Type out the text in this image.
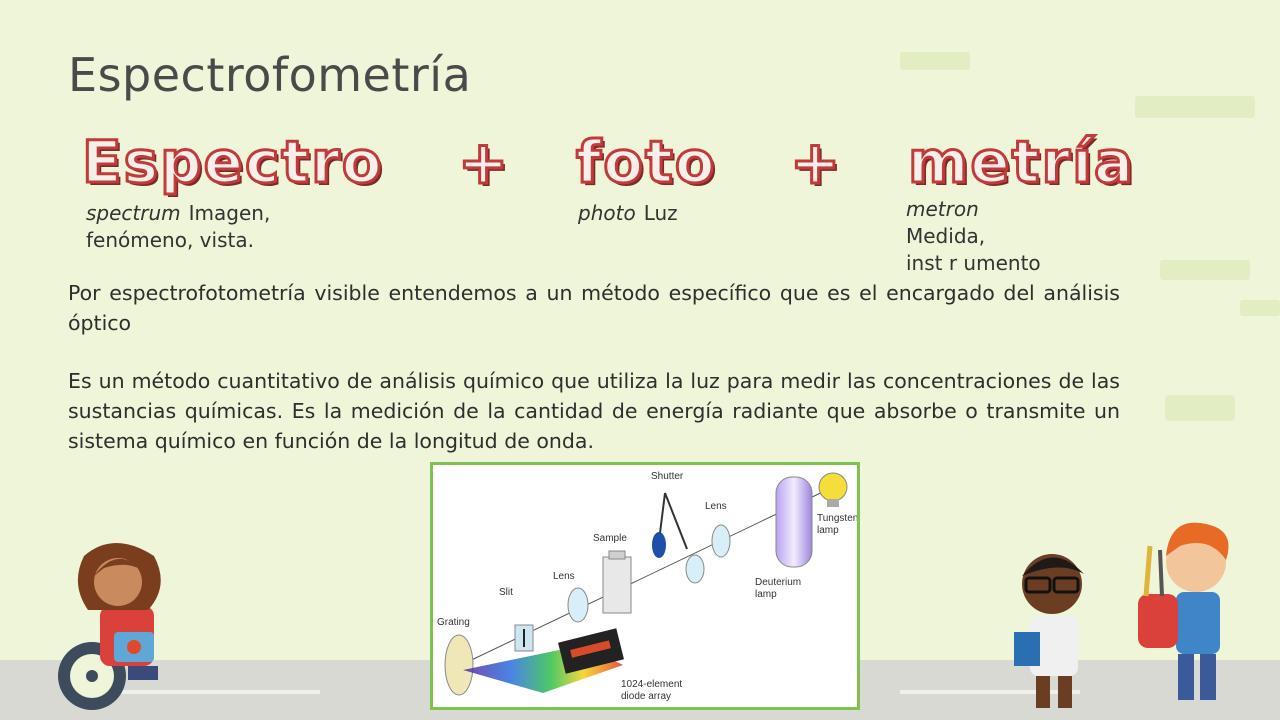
Espectrofometría
Espectro + foto + metría
spectrum Imagen, fenómeno, vista.
photo Luz	metron
Medida,
inst r umento
Por espectrofotometría visible entendemos a un método específico que es el encargado del análisis óptico
Es un método cuantitativo de análisis químico que utiliza la luz para medir las concentraciones de las sustancias químicas. Es la medición de la cantidad de energía radiante que absorbe o transmite un sistema químico en función de la longitud de onda.
Shutter
Lens
Tungsten
lamp
Sample
Deuterium
lamp
Lens
Slit
Grating
1024-element
diode array
